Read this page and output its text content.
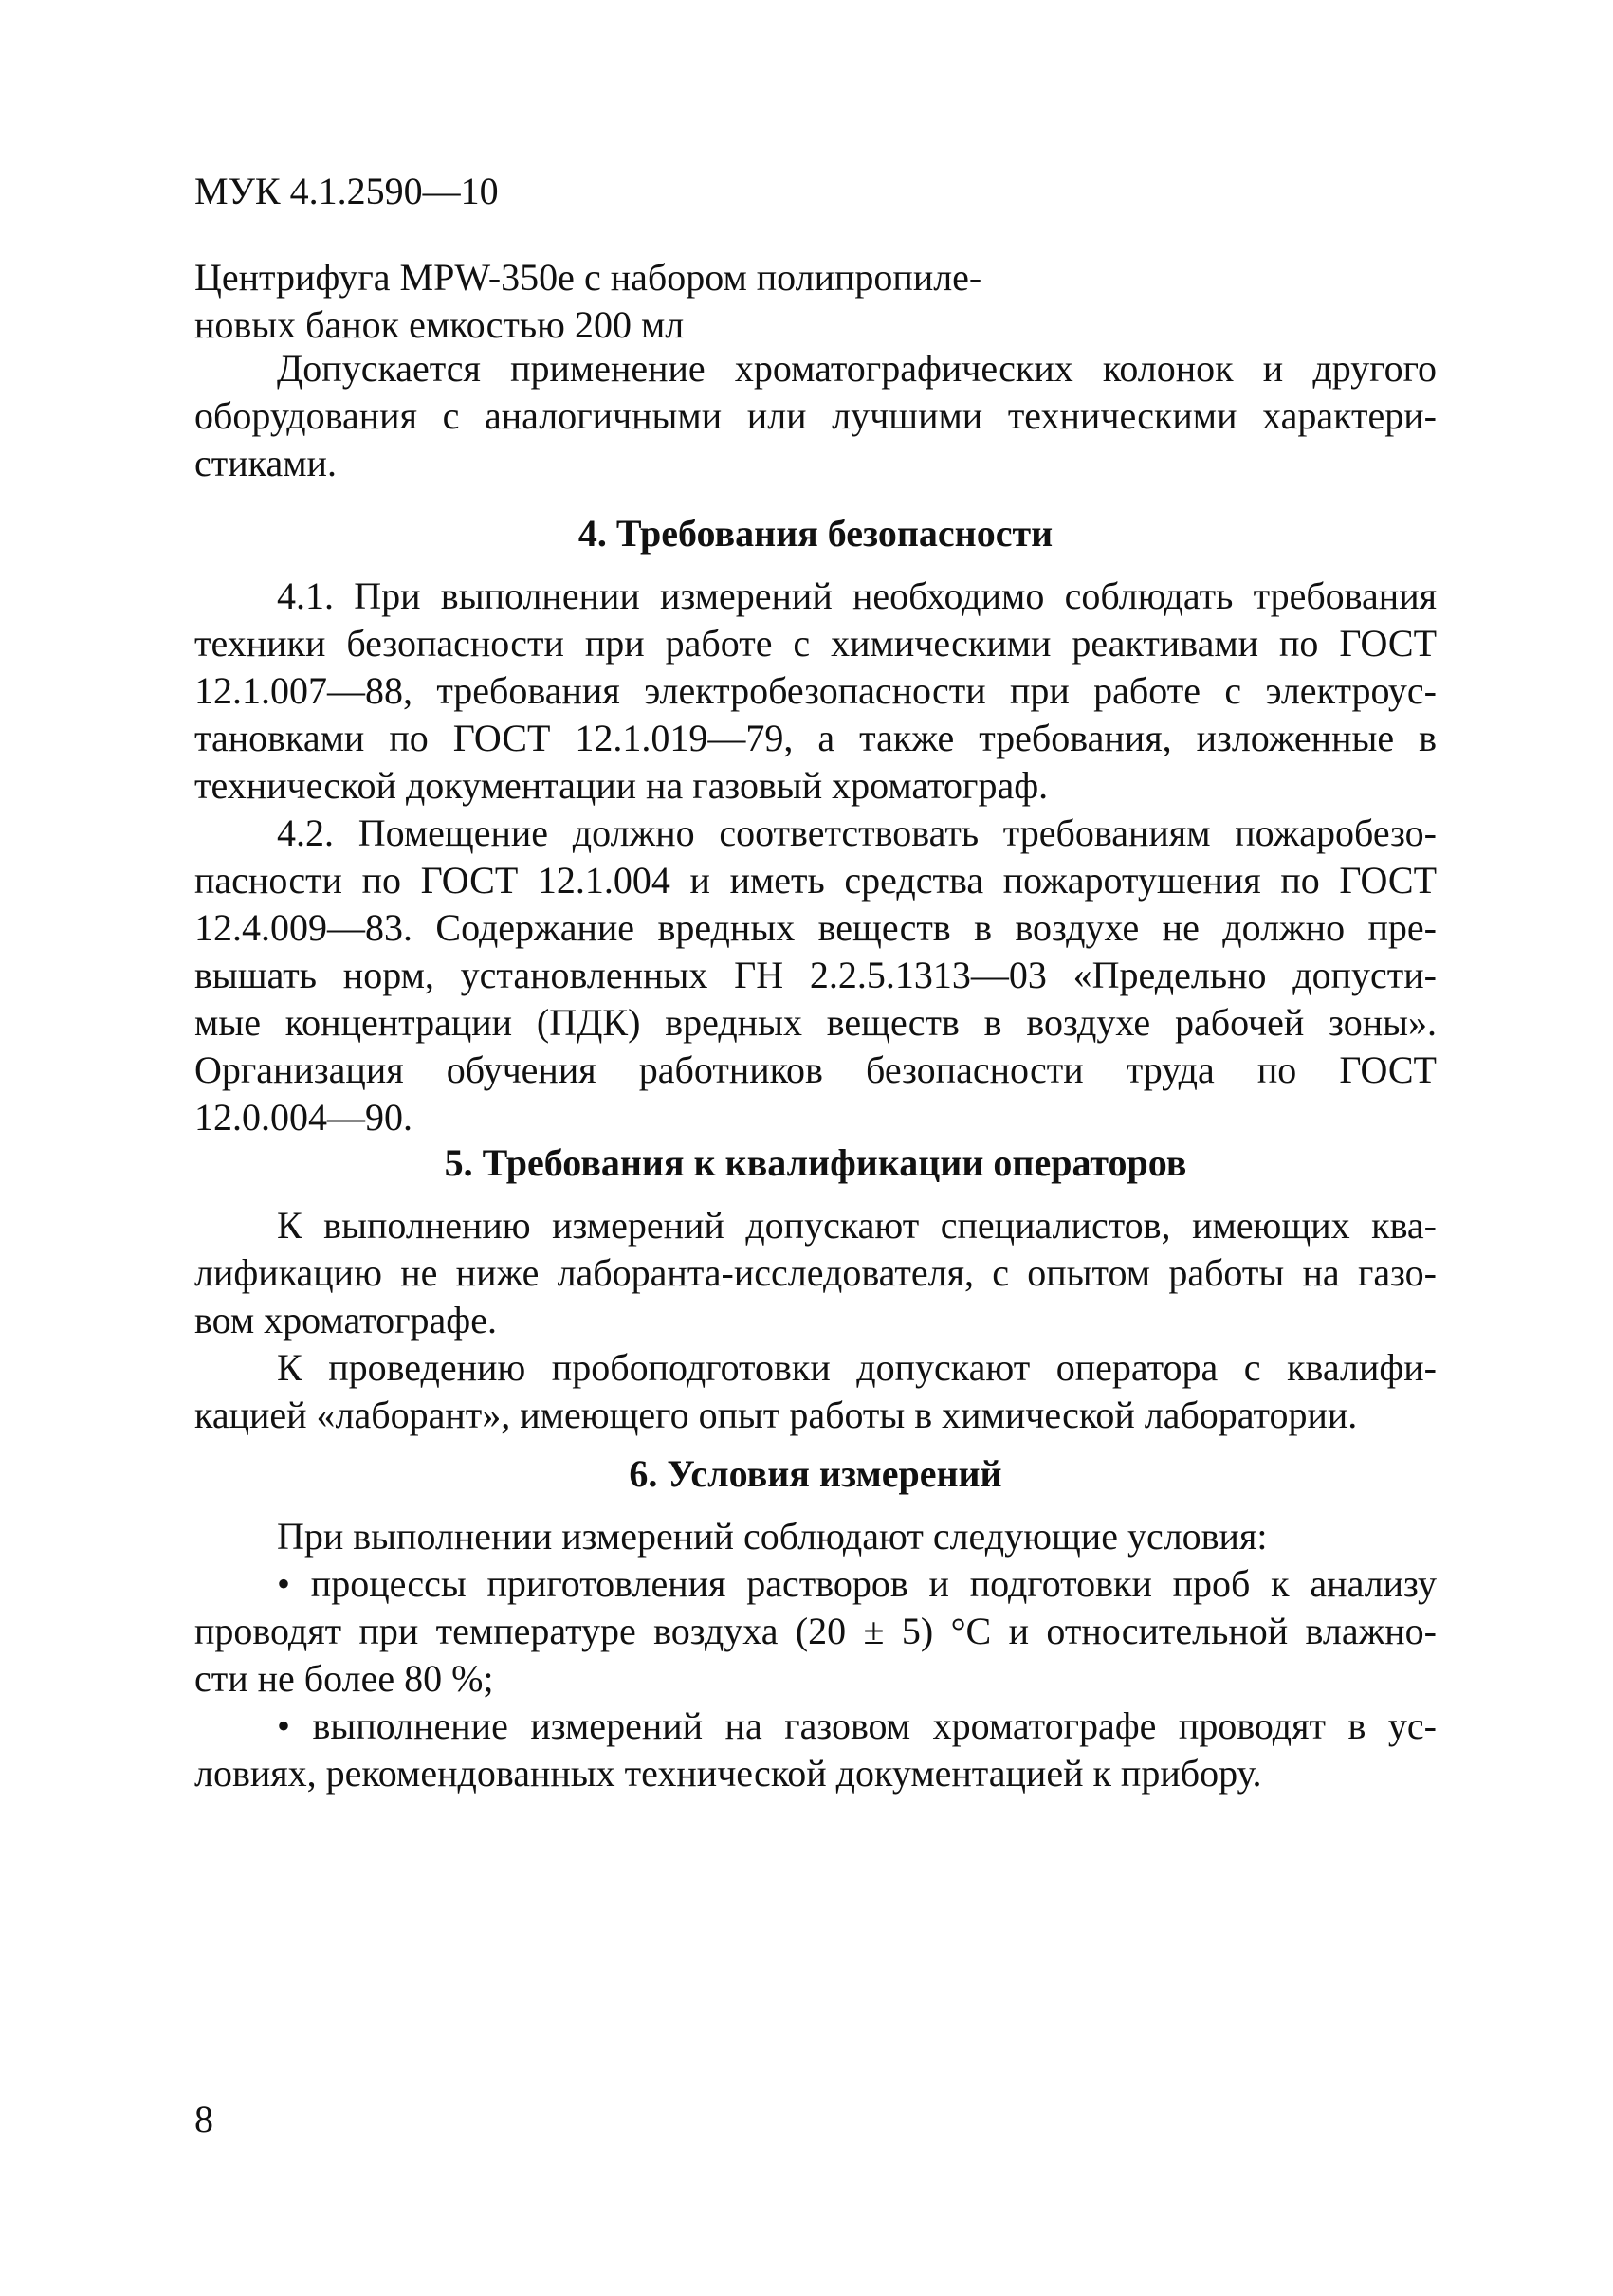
МУК 4.1.2590—10
Центрифуга MPW-350е с набором полипропиле-
новых банок емкостью 200 мл
Допускается применение хроматографических колонок и другого
оборудования с аналогичными или лучшими техническими характери-
стиками.
4. Требования безопасности
4.1. При выполнении измерений необходимо соблюдать требования
техники безопасности при работе с химическими реактивами по ГОСТ
12.1.007—88, требования электробезопасности при работе с электроус-
тановками по ГОСТ 12.1.019—79, а также требования, изложенные в
технической документации на газовый хроматограф.
4.2. Помещение должно соответствовать требованиям пожаробезо-
пасности по ГОСТ 12.1.004 и иметь средства пожаротушения по ГОСТ
12.4.009—83. Содержание вредных веществ в воздухе не должно пре-
вышать норм, установленных ГН 2.2.5.1313—03 «Предельно допусти-
мые концентрации (ПДК) вредных веществ в воздухе рабочей зоны».
Организация обучения работников безопасности труда по ГОСТ
12.0.004—90.
5. Требования к квалификации операторов
К выполнению измерений допускают специалистов, имеющих ква-
лификацию не ниже лаборанта-исследователя, с опытом работы на газо-
вом хроматографе.
К проведению пробоподготовки допускают оператора с квалифи-
кацией «лаборант», имеющего опыт работы в химической лаборатории.
6. Условия измерений
При выполнении измерений соблюдают следующие условия:
• процессы приготовления растворов и подготовки проб к анализу
проводят при температуре воздуха (20 ± 5) °С и относительной влажно-
сти не более 80 %;
• выполнение измерений на газовом хроматографе проводят в ус-
ловиях, рекомендованных технической документацией к прибору.
8
